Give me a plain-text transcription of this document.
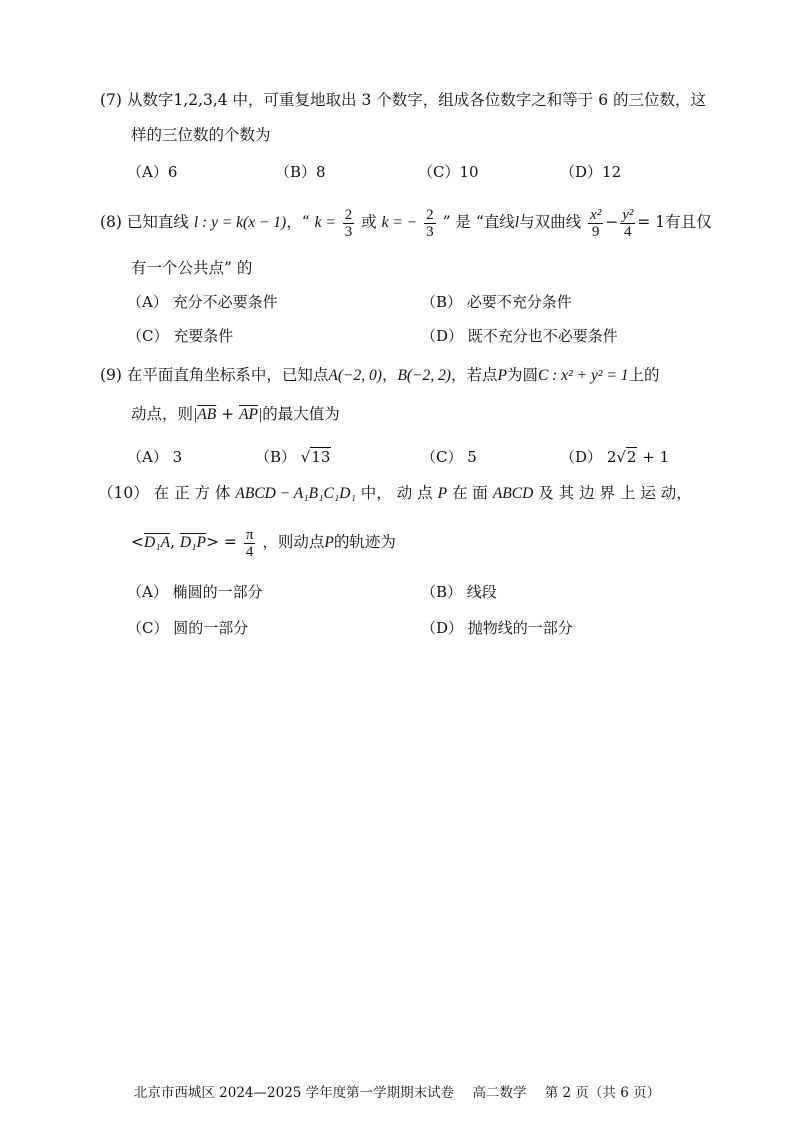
(7) 从数字1,2,3,4 中，可重复地取出 3 个数字，组成各位数字之和等于 6 的三位数，这
样的三位数的个数为
（A）6	（B）8	（C）10	（D）12
(8) 已知直线 l : y = k(x − 1)，“ $k = \frac{2}{3}$ 或 k = − $\frac{2}{3}$ ” 是 “直线l与双曲线 $\frac{\text{x²}}{9} - \frac{\text{y²}}{4} = 1$有且仅
有一个公共点” 的
（A） 充分不必要条件	（B） 必要不充分条件
（C） 充要条件	（D） 既不充分也不必要条件
(9) 在平面直角坐标系中，已知点A(−2, 0)，B(−2, 2)，若点P为圆C : x² + y² = 1上的
动点，则$|\overline{AB} + \overline{AP}|$的最大值为
（A） 3	（B） √13	（C） 5	（D） 2√2 + 1
（10） 在 正 方 体 ABCD − A₁B₁C₁D₁ 中， 动 点 P 在 面 ABCD 及 其 边 界 上 运 动，
<D₁A, $D_1P> = \frac{\pi}{4}$ ，则动点P的轨迹为
（A） 椭圆的一部分	（B） 线段
（C） 圆的一部分	（D） 抛物线的一部分
北京市西城区 2024—2025 学年度第一学期期末试卷 高二数学 第 2 页（共 6 页）
